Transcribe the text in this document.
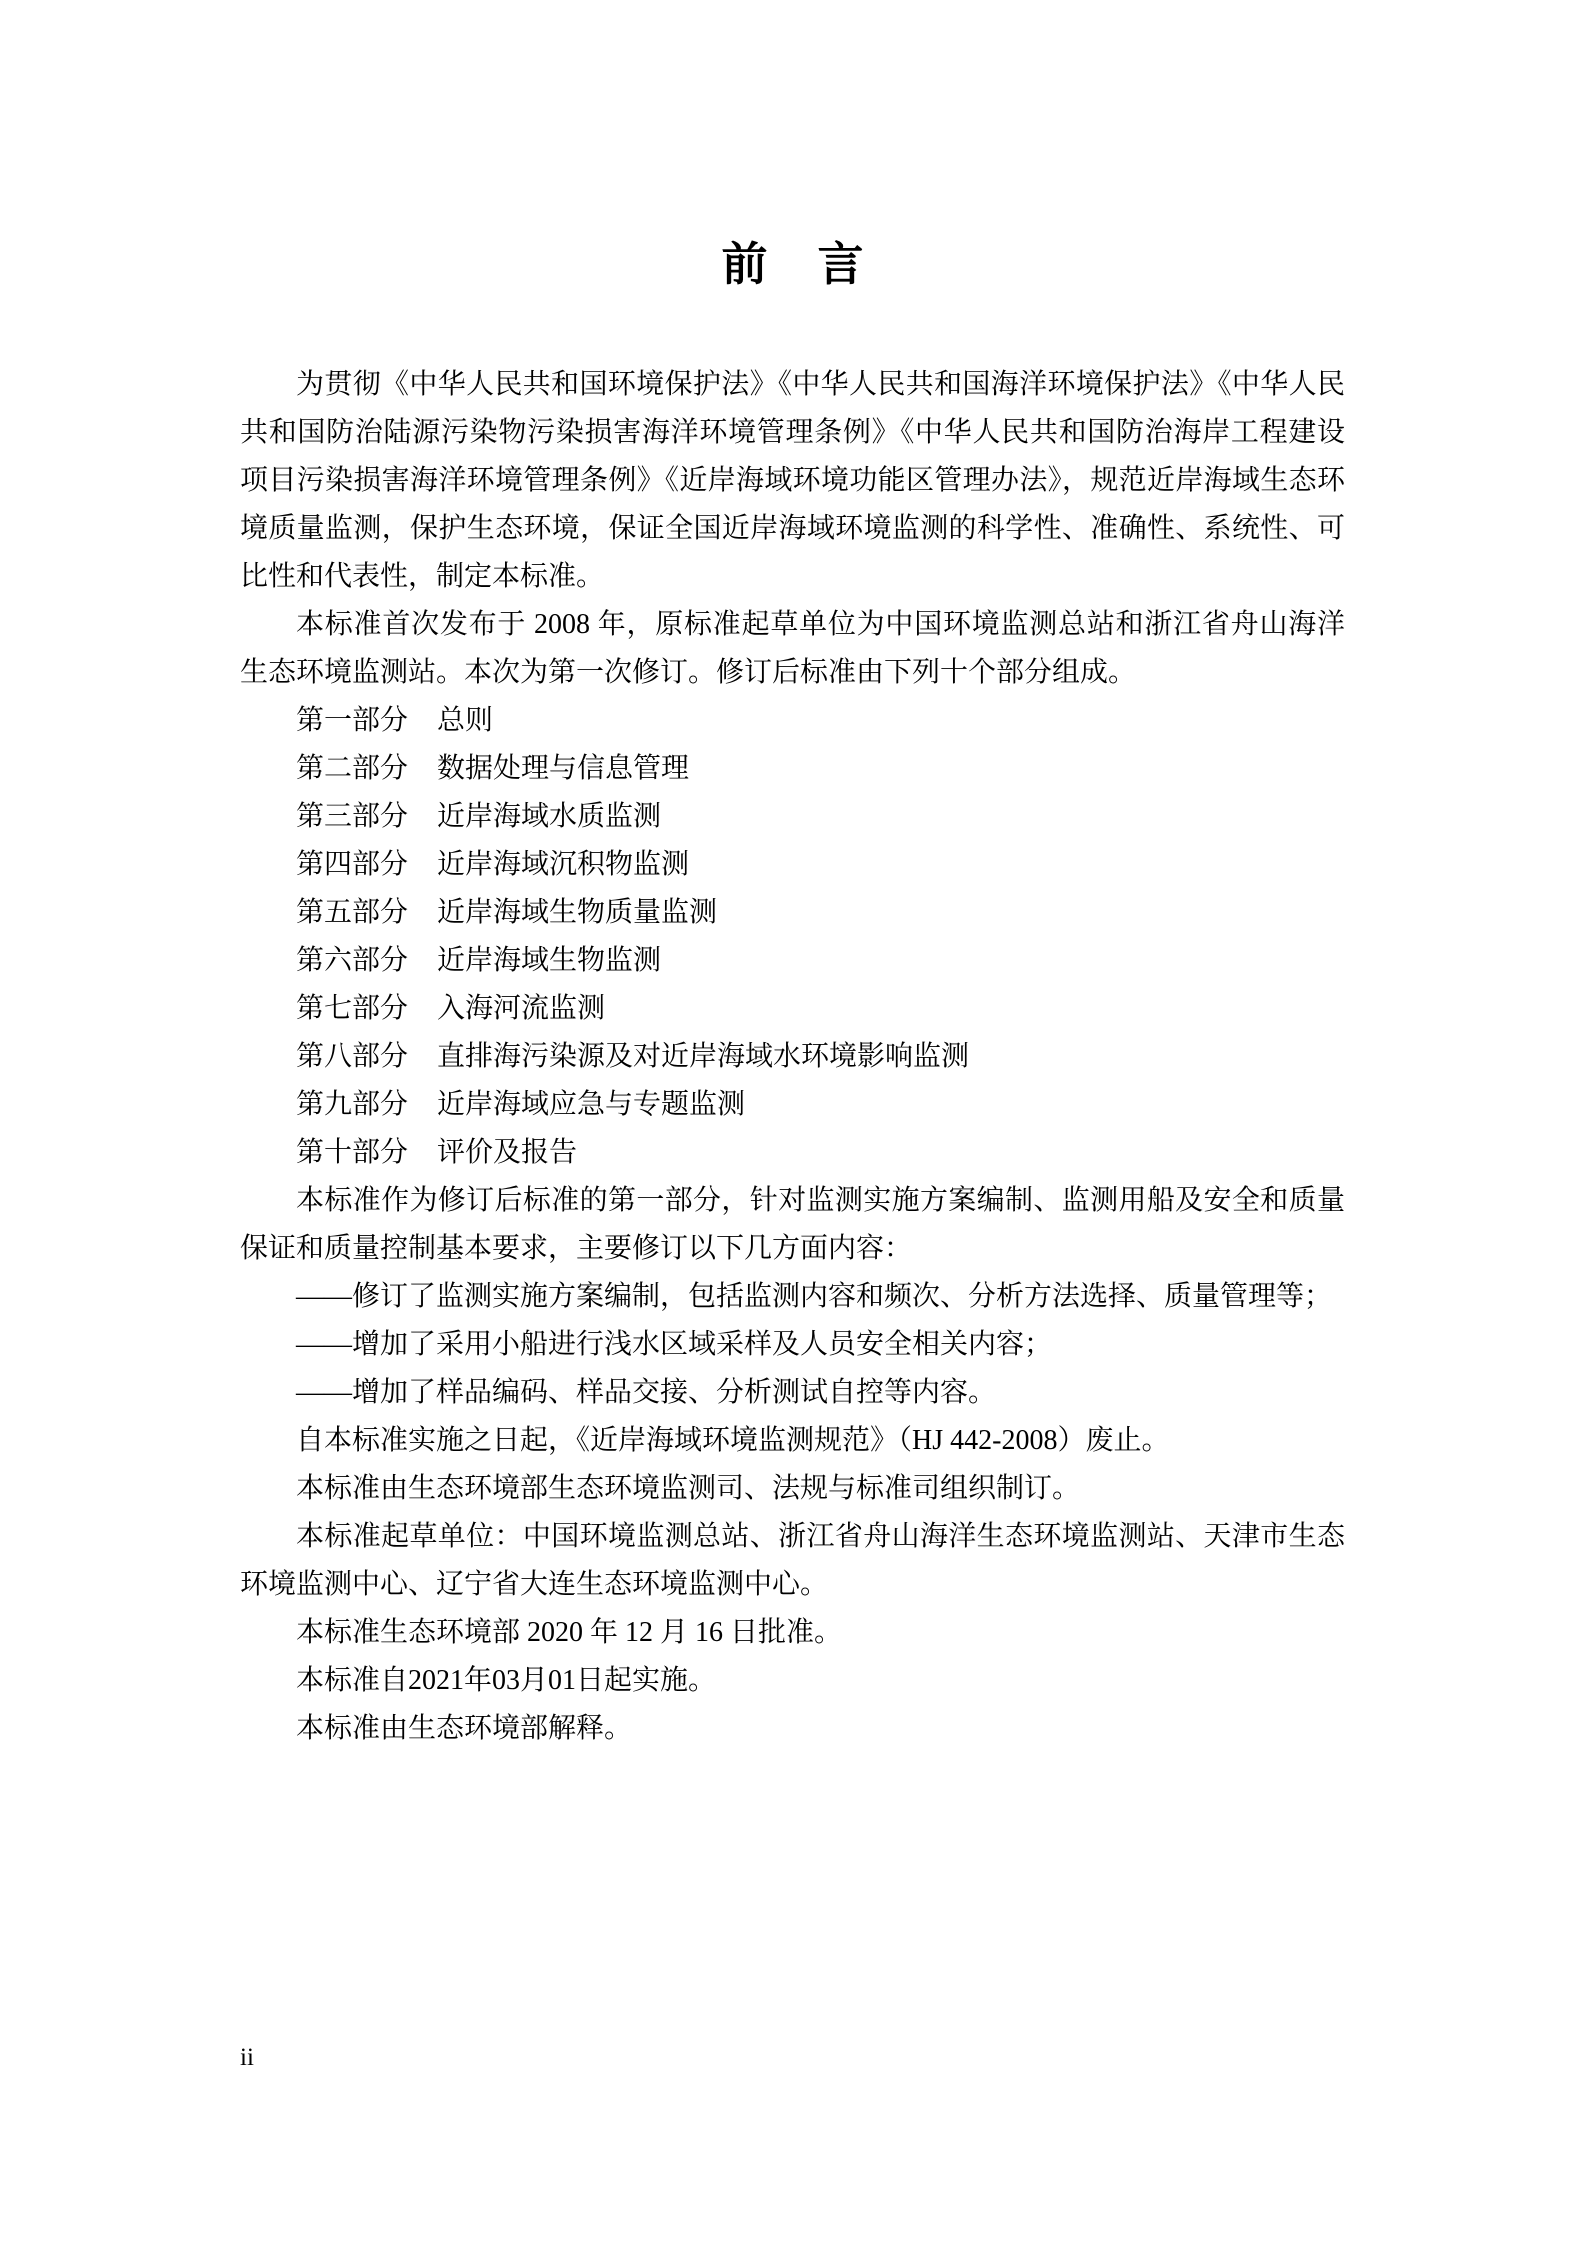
前　言

为贯彻《中华人民共和国环境保护法》《中华人民共和国海洋环境保护法》《中华人民共和国防治陆源污染物污染损害海洋环境管理条例》《中华人民共和国防治海岸工程建设项目污染损害海洋环境管理条例》《近岸海域环境功能区管理办法》，规范近岸海域生态环境质量监测，保护生态环境，保证全国近岸海域环境监测的科学性、准确性、系统性、可比性和代表性，制定本标准。

本标准首次发布于 2008 年，原标准起草单位为中国环境监测总站和浙江省舟山海洋生态环境监测站。本次为第一次修订。修订后标准由下列十个部分组成。

第一部分 总则
第二部分 数据处理与信息管理
第三部分 近岸海域水质监测
第四部分 近岸海域沉积物监测
第五部分 近岸海域生物质量监测
第六部分 近岸海域生物监测
第七部分 入海河流监测
第八部分 直排海污染源及对近岸海域水环境影响监测
第九部分 近岸海域应急与专题监测
第十部分 评价及报告

本标准作为修订后标准的第一部分，针对监测实施方案编制、监测用船及安全和质量保证和质量控制基本要求，主要修订以下几方面内容：

——修订了监测实施方案编制，包括监测内容和频次、分析方法选择、质量管理等；

——增加了采用小船进行浅水区域采样及人员安全相关内容；

——增加了样品编码、样品交接、分析测试自控等内容。

自本标准实施之日起，《近岸海域环境监测规范》（HJ 442-2008）废止。

本标准由生态环境部生态环境监测司、法规与标准司组织制订。

本标准起草单位：中国环境监测总站、浙江省舟山海洋生态环境监测站、天津市生态环境监测中心、辽宁省大连生态环境监测中心。

本标准生态环境部 2020 年 12 月 16 日批准。

本标准自2021年03月01日起实施。

本标准由生态环境部解释。

ii
